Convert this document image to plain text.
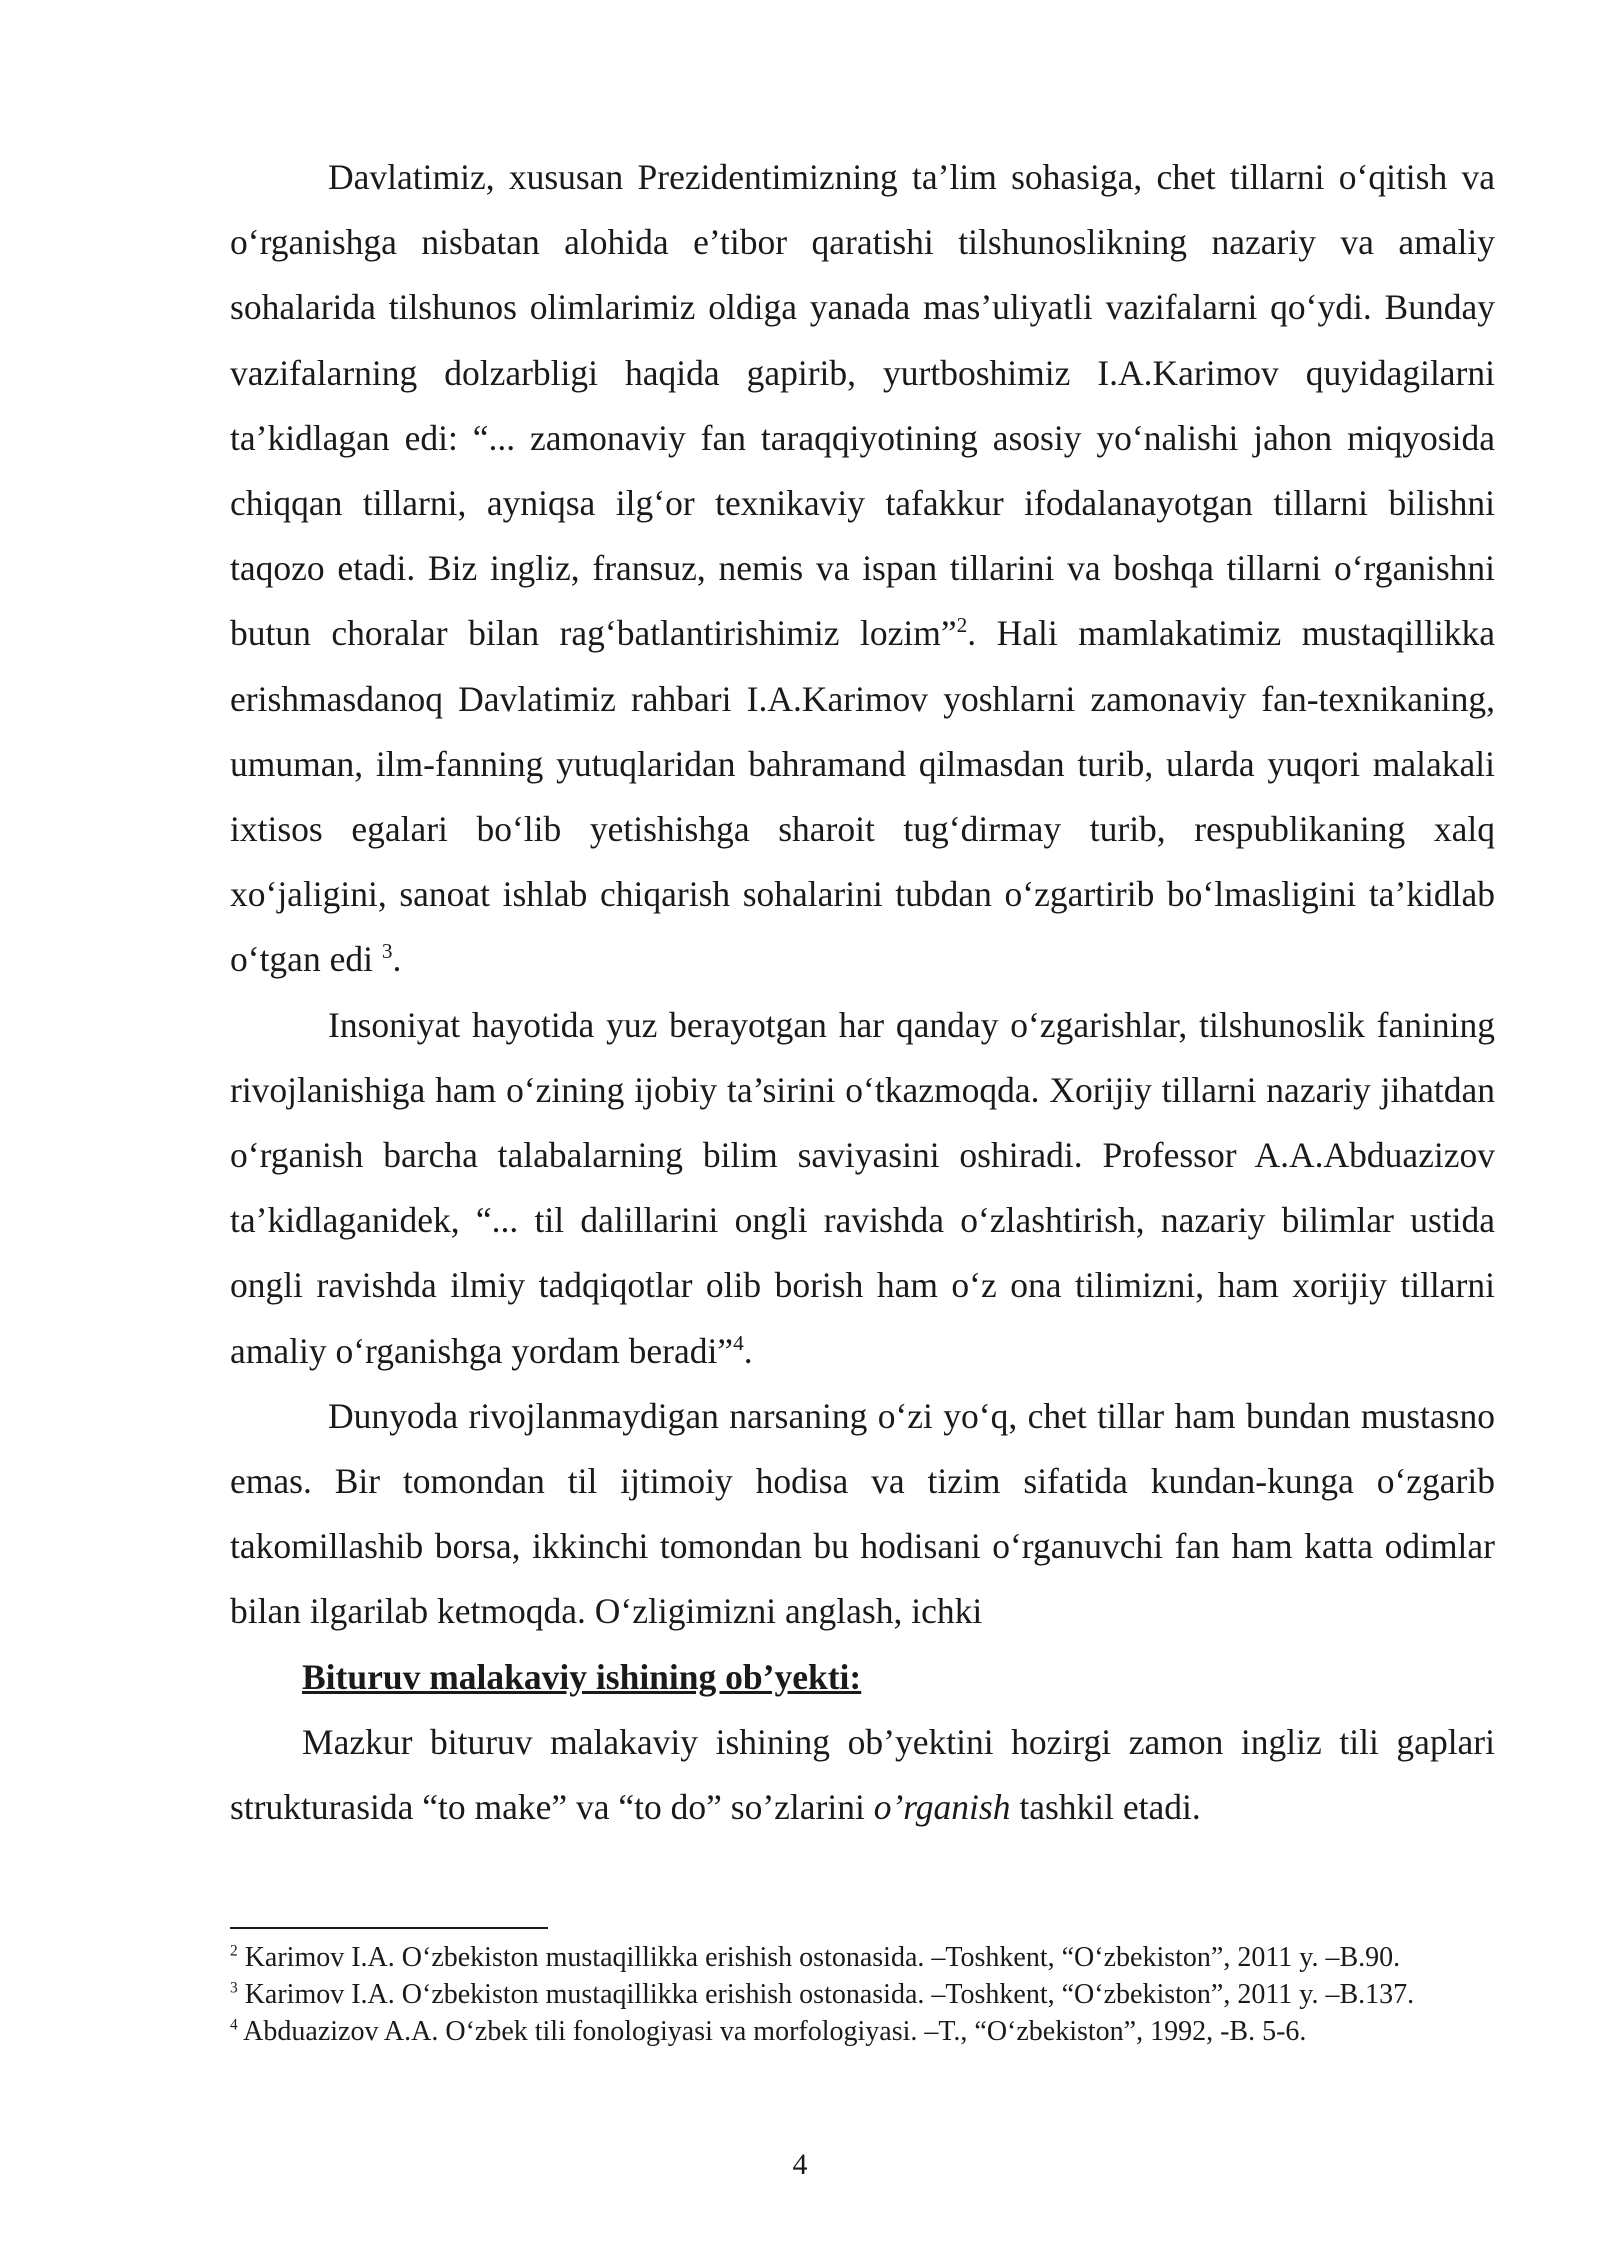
Davlatimiz, xususan Prezidentimizning ta’lim sohasiga, chet tillarni o‘qitish va o‘rganishga nisbatan alohida e’tibor qaratishi tilshunoslikning nazariy va amaliy sohalarida tilshunos olimlarimiz oldiga yanada mas’uliyatli vazifalarni qo‘ydi. Bunday vazifalarning dolzarbligi haqida gapirib, yurtboshimiz I.A.Karimov quyidagilarni ta’kidlagan edi: “... zamonaviy fan taraqqiyotining asosiy yo‘nalishi jahon miqyosida chiqqan tillarni, ayniqsa ilg‘or texnikaviy tafakkur ifodalanayotgan tillarni bilishni taqozo etadi. Biz ingliz, fransuz, nemis va ispan tillarini va boshqa tillarni o‘rganishni butun choralar bilan rag‘batlantirishimiz lozim”$^2$. Hali mamlakatimiz mustaqillikka erishmasdanoq Davlatimiz rahbari I.A.Karimov yoshlarni zamonaviy fan-texnikaning, umuman, ilm-fanning yutuqlaridan bahramand qilmasdan turib, ularda yuqori malakali ixtisos egalari bo‘lib yetishishga sharoit tug‘dirmay turib, respublikaning xalq xo‘jaligini, sanoat ishlab chiqarish sohalarini tubdan o‘zgartirib bo‘lmasligini ta’kidlab o‘tgan edi $^3$.

Insoniyat hayotida yuz berayotgan har qanday o‘zgarishlar, tilshunoslik fanining rivojlanishiga ham o‘zining ijobiy ta’sirini o‘tkazmoqda. Xorijiy tillarni nazariy jihatdan o‘rganish barcha talabalarning bilim saviyasini oshiradi. Professor A.A.Abduazizov ta’kidlaganidek, “... til dalillarini ongli ravishda o‘zlashtirish, nazariy bilimlar ustida ongli ravishda ilmiy tadqiqotlar olib borish ham o‘z ona tilimizni, ham xorijiy tillarni amaliy o‘rganishga yordam beradi”$^4$.

Dunyoda rivojlanmaydigan narsaning o‘zi yo‘q, chet tillar ham bundan mustasno emas. Bir tomondan til ijtimoiy hodisa va tizim sifatida kundan-kunga o‘zgarib takomillashib borsa, ikkinchi tomondan bu hodisani o‘rganuvchi fan ham katta odimlar bilan ilgarilab ketmoqda. O‘zligimizni anglash, ichki

Bituruv malakaviy ishining ob’yekti:

Mazkur bituruv malakaviy ishining ob’yektini hozirgi zamon ingliz tili gaplari strukturasida “to make” va “to do” so’zlarini o’rganish tashkil etadi.

$^2$ Karimov I.A. O‘zbekiston mustaqillikka erishish ostonasida. –Toshkent, “O‘zbekiston”, 2011 y. –B.90.

$^3$ Karimov I.A. O‘zbekiston mustaqillikka erishish ostonasida. –Toshkent, “O‘zbekiston”, 2011 y. –B.137.

$^4$ Abduazizov A.A. O‘zbek tili fonologiyasi va morfologiyasi. –T., “O‘zbekiston”, 1992, -B. 5-6.

4
